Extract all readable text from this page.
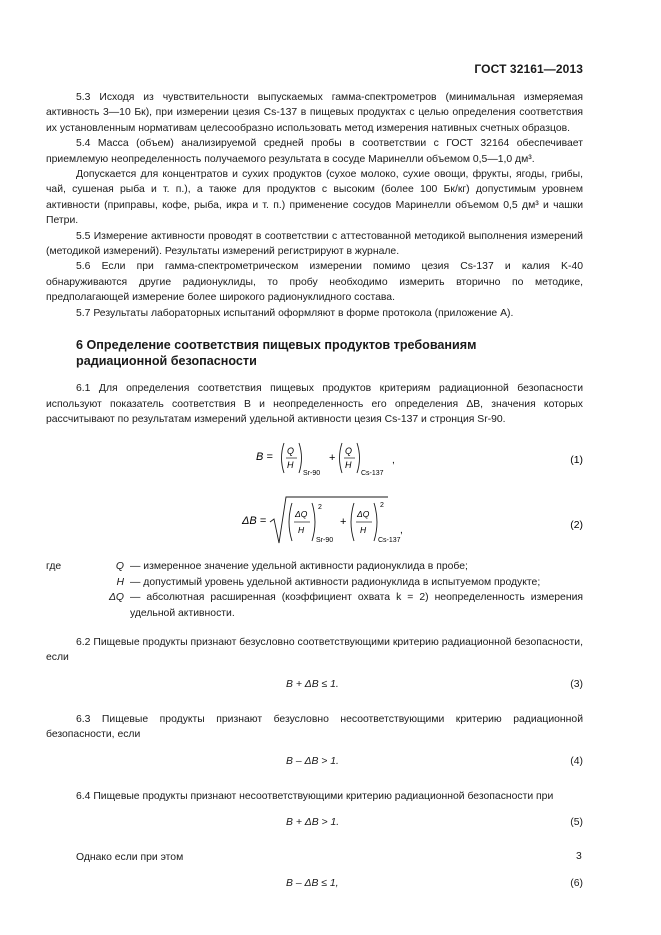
ГОСТ 32161—2013

5.3 Исходя из чувствительности выпускаемых гамма-спектрометров (минимальная измеряемая активность 3—10 Бк), при измерении цезия Cs-137 в пищевых продуктах с целью определения соответствия их установленным нормативам целесообразно использовать метод измерения нативных счетных образцов.

5.4 Масса (объем) анализируемой средней пробы в соответствии с ГОСТ 32164 обеспечивает приемлемую неопределенность получаемого результата в сосуде Маринелли объемом 0,5—1,0 дм³.

Допускается для концентратов и сухих продуктов (сухое молоко, сухие овощи, фрукты, ягоды, грибы, чай, сушеная рыба и т. п.), а также для продуктов с высоким (более 100 Бк/кг) допустимым уровнем активности (приправы, кофе, рыба, икра и т. п.) применение сосудов Маринелли объемом 0,5 дм³ и чашки Петри.

5.5 Измерение активности проводят в соответствии с аттестованной методикой выполнения измерений (методикой измерений). Результаты измерений регистрируют в журнале.

5.6 Если при гамма-спектрометрическом измерении помимо цезия Cs-137 и калия K-40 обнаруживаются другие радионуклиды, то пробу необходимо измерить вторично по методике, предполагающей измерение более широкого радионуклидного состава.

5.7 Результаты лабораторных испытаний оформляют в форме протокола (приложение А).

6 Определение соответствия пищевых продуктов требованиям
радиационной безопасности

6.1 Для определения соответствия пищевых продуктов критериям радиационной безопасности используют показатель соответствия B и неопределенность его определения ΔB, значения которых рассчитывают по результатам измерений удельной активности цезия Cs-137 и стронция Sr-90.

B = Q
H
Sr-90
+
Q
H
Cs-137
,	(1)
ΔB =
ΔQ
H
2
Sr-90
+
ΔQ
H
2
Cs-137
,	(2)
где	Q — измеренное значение удельной активности радионуклида в пробе;
H — допустимый уровень удельной активности радионуклида в испытуемом продукте;
ΔQ — абсолютная расширенная (коэффициент охвата k = 2) неопределенность измерения удельной активности.

6.2 Пищевые продукты признают безусловно соответствующими критерию радиационной безопасности, если

B + ΔB ≤ 1.	(3)

6.3 Пищевые продукты признают безусловно несоответствующими критерию радиационной безопасности, если

B – ΔB > 1.	(4)

6.4 Пищевые продукты признают несоответствующими критерию радиационной безопасности при

B + ΔB > 1.	(5)

Однако если при этом

B – ΔB ≤ 1,	(6)
3
